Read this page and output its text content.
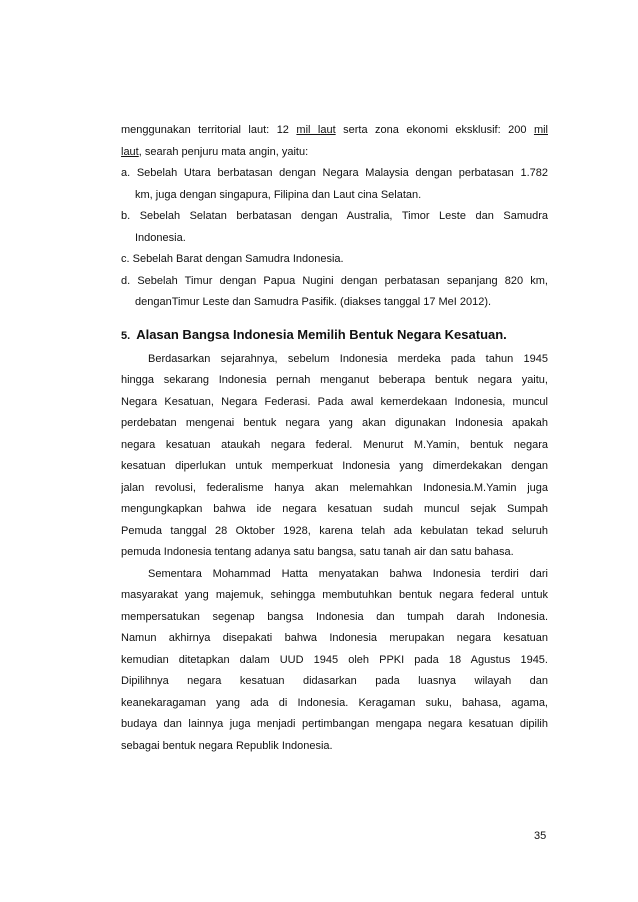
menggunakan territorial laut: 12 mil laut serta zona ekonomi eksklusif: 200 mil
laut, searah penjuru mata angin, yaitu:
a. Sebelah Utara berbatasan dengan Negara Malaysia dengan perbatasan 1.782
km, juga dengan singapura, Filipina dan Laut cina Selatan.
b. Sebelah Selatan berbatasan dengan Australia, Timor Leste dan Samudra
Indonesia.
c. Sebelah Barat dengan Samudra Indonesia.
d. Sebelah Timur dengan Papua Nugini dengan perbatasan sepanjang 820 km,
denganTimur Leste dan Samudra Pasifik. (diakses tanggal 17 MeI 2012).
5. Alasan Bangsa Indonesia Memilih Bentuk Negara Kesatuan.
Berdasarkan sejarahnya, sebelum Indonesia merdeka pada tahun 1945
hingga sekarang Indonesia pernah menganut beberapa bentuk negara yaitu,
Negara Kesatuan, Negara Federasi. Pada awal kemerdekaan Indonesia, muncul
perdebatan mengenai bentuk negara yang akan digunakan Indonesia apakah
negara kesatuan ataukah negara federal. Menurut M.Yamin, bentuk negara
kesatuan diperlukan untuk memperkuat Indonesia yang dimerdekakan dengan
jalan revolusi, federalisme hanya akan melemahkan Indonesia.M.Yamin juga
mengungkapkan bahwa ide negara kesatuan sudah muncul sejak Sumpah
Pemuda tanggal 28 Oktober 1928, karena telah ada kebulatan tekad seluruh
pemuda Indonesia tentang adanya satu bangsa, satu tanah air dan satu bahasa.
Sementara Mohammad Hatta menyatakan bahwa Indonesia terdiri dari
masyarakat yang majemuk, sehingga membutuhkan bentuk negara federal untuk
mempersatukan segenap bangsa Indonesia dan tumpah darah Indonesia.
Namun akhirnya disepakati bahwa Indonesia merupakan negara kesatuan
kemudian ditetapkan dalam UUD 1945 oleh PPKI pada 18 Agustus 1945.
Dipilihnya negara kesatuan didasarkan pada luasnya wilayah dan
keanekaragaman yang ada di Indonesia. Keragaman suku, bahasa, agama,
budaya dan lainnya juga menjadi pertimbangan mengapa negara kesatuan dipilih
sebagai bentuk negara Republik Indonesia.
35
